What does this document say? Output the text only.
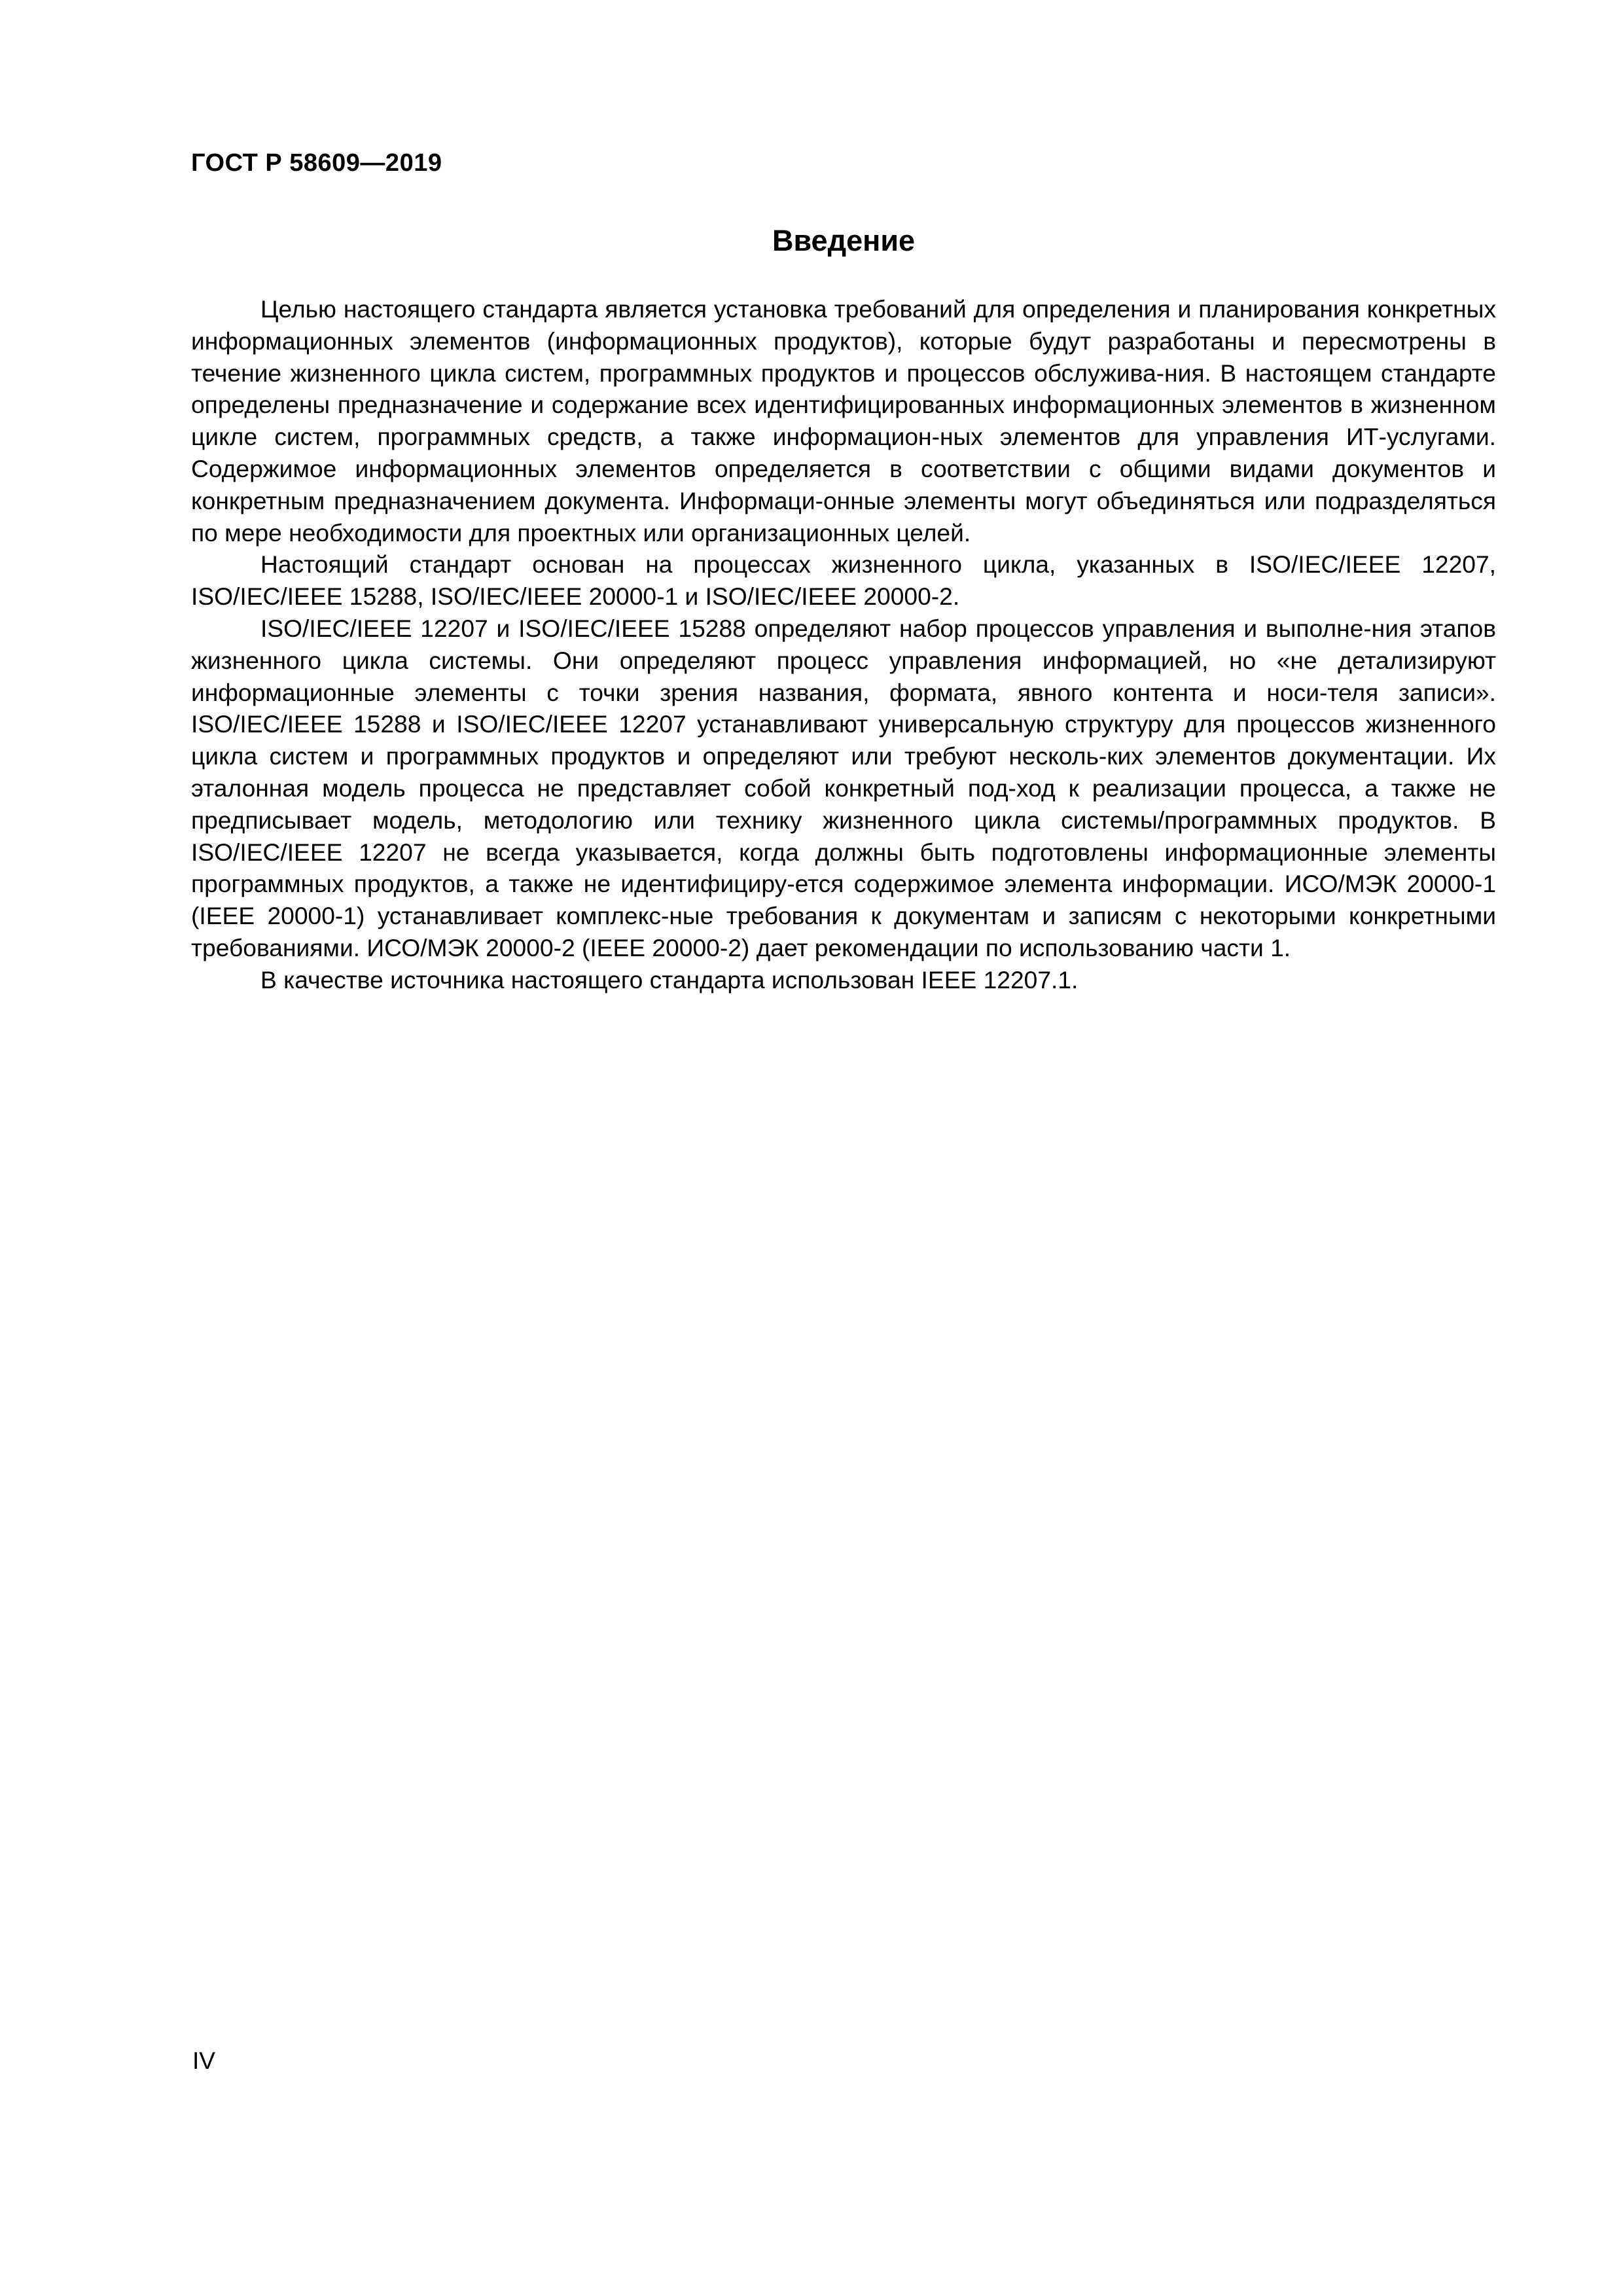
ГОСТ Р 58609—2019

Введение

Целью настоящего стандарта является установка требований для определения и планирования конкретных информационных элементов (информационных продуктов), которые будут разработаны и пересмотрены в течение жизненного цикла систем, программных продуктов и процессов обслужива-ния. В настоящем стандарте определены предназначение и содержание всех идентифицированных информационных элементов в жизненном цикле систем, программных средств, а также информацион-ных элементов для управления ИТ-услугами. Содержимое информационных элементов определяется в соответствии с общими видами документов и конкретным предназначением документа. Информаци-онные элементы могут объединяться или подразделяться по мере необходимости для проектных или организационных целей.

Настоящий стандарт основан на процессах жизненного цикла, указанных в ISO/IEC/IEEE 12207, ISO/IEC/IEEE 15288, ISO/IEC/IEEE 20000-1 и ISO/IEC/IEEE 20000-2.

ISO/IEC/IEEE 12207 и ISO/IEC/IEEE 15288 определяют набор процессов управления и выполне-ния этапов жизненного цикла системы. Они определяют процесс управления информацией, но «не детализируют информационные элементы с точки зрения названия, формата, явного контента и носи-теля записи». ISO/IEC/IEEE 15288 и ISO/IEC/IEEE 12207 устанавливают универсальную структуру для процессов жизненного цикла систем и программных продуктов и определяют или требуют несколь-ких элементов документации. Их эталонная модель процесса не представляет собой конкретный под-ход к реализации процесса, а также не предписывает модель, методологию или технику жизненного цикла системы/программных продуктов. В ISO/IEC/IEEE 12207 не всегда указывается, когда должны быть подготовлены информационные элементы программных продуктов, а также не идентифициру-ется содержимое элемента информации. ИСО/МЭК 20000-1 (IEEE 20000-1) устанавливает комплекс-ные требования к документам и записям с некоторыми конкретными требованиями. ИСО/МЭК 20000-2 (IEEE 20000-2) дает рекомендации по использованию части 1.

В качестве источника настоящего стандарта использован IEEE 12207.1.

IV
